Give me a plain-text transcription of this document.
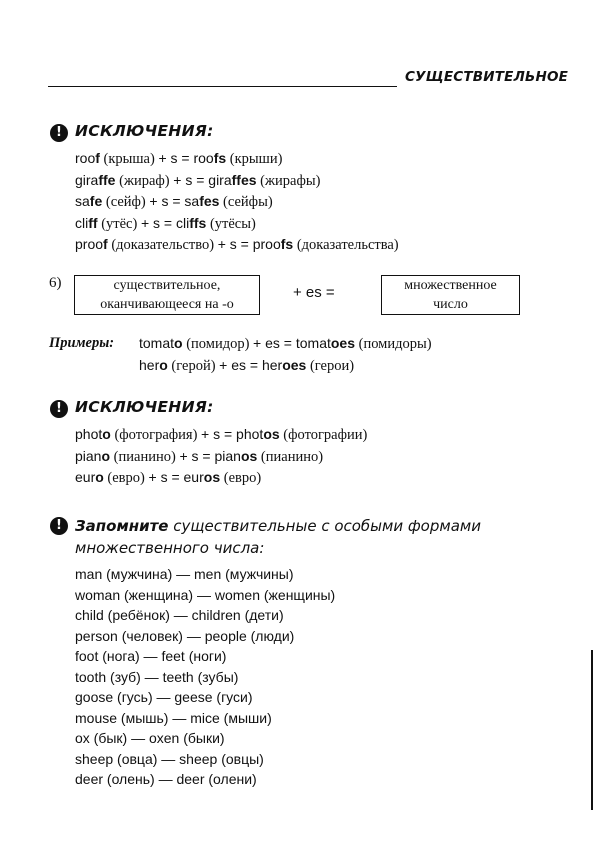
СУЩЕСТВИТЕЛЬНОЕ
! ИСКЛЮЧЕНИЯ:
roof (крыша) + s = roofs (крыши)
giraffe (жираф) + s = giraffes (жирафы)
safe (сейф) + s = safes (сейфы)
cliff (утёс) + s = cliffs (утёсы)
proof (доказательство) + s = proofs (доказательства)
6)	существительное,
оканчивающееся на -о
+ es =	множественное
число
Примеры: tomato (помидор) + es = tomatoes (помидоры)
hero (герой) + es = heroes (герои)
! ИСКЛЮЧЕНИЯ:
photo (фотография) + s = photos (фотографии)
piano (пианино) + s = pianos (пианино)
euro (евро) + s = euros (евро)
! Запомните существительные с особыми формами
множественного числа:
man (мужчина) — men (мужчины)
woman (женщина) — women (женщины)
child (ребёнок) — children (дети)
person (человек) — people (люди)
foot (нога) — feet (ноги)
tooth (зуб) — teeth (зубы)
goose (гусь) — geese (гуси)
mouse (мышь) — mice (мыши)
ox (бык) — oxen (быки)
sheep (овца) — sheep (овцы)
deer (олень) — deer (олени)
